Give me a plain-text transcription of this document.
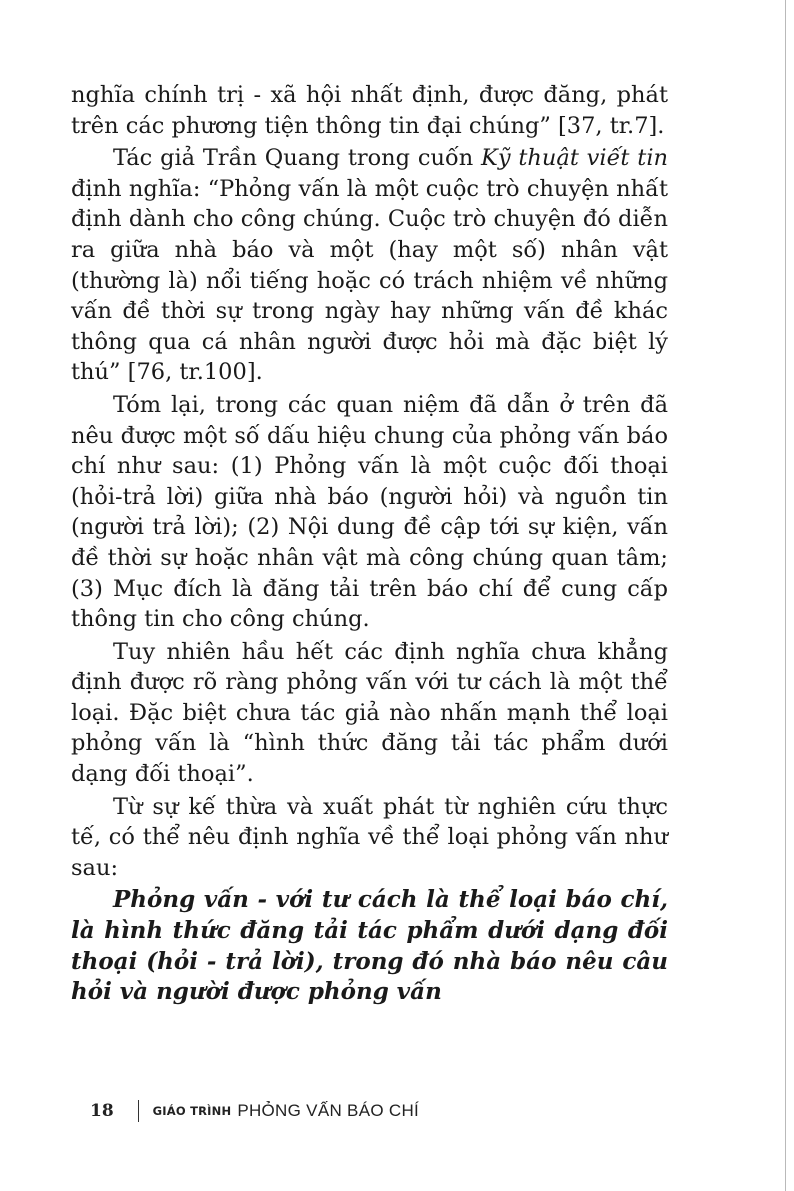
nghĩa chính trị - xã hội nhất định, được đăng, phát trên các phương tiện thông tin đại chúng” [37, tr.7].

Tác giả Trần Quang trong cuốn Kỹ thuật viết tin định nghĩa: “Phỏng vấn là một cuộc trò chuyện nhất định dành cho công chúng. Cuộc trò chuyện đó diễn ra giữa nhà báo và một (hay một số) nhân vật (thường là) nổi tiếng hoặc có trách nhiệm về những vấn đề thời sự trong ngày hay những vấn đề khác thông qua cá nhân người được hỏi mà đặc biệt lý thú” [76, tr.100].

Tóm lại, trong các quan niệm đã dẫn ở trên đã nêu được một số dấu hiệu chung của phỏng vấn báo chí như sau: (1) Phỏng vấn là một cuộc đối thoại (hỏi-trả lời) giữa nhà báo (người hỏi) và nguồn tin (người trả lời); (2) Nội dung đề cập tới sự kiện, vấn đề thời sự hoặc nhân vật mà công chúng quan tâm; (3) Mục đích là đăng tải trên báo chí để cung cấp thông tin cho công chúng.

Tuy nhiên hầu hết các định nghĩa chưa khẳng định được rõ ràng phỏng vấn với tư cách là một thể loại. Đặc biệt chưa tác giả nào nhấn mạnh thể loại phỏng vấn là “hình thức đăng tải tác phẩm dưới dạng đối thoại”.

Từ sự kế thừa và xuất phát từ nghiên cứu thực tế, có thể nêu định nghĩa về thể loại phỏng vấn như sau:

Phỏng vấn - với tư cách là thể loại báo chí, là hình thức đăng tải tác phẩm dưới dạng đối thoại (hỏi - trả lời), trong đó nhà báo nêu câu hỏi và người được phỏng vấn

18	GIÁO TRÌNH PHỎNG VẤN BÁO CHÍ
